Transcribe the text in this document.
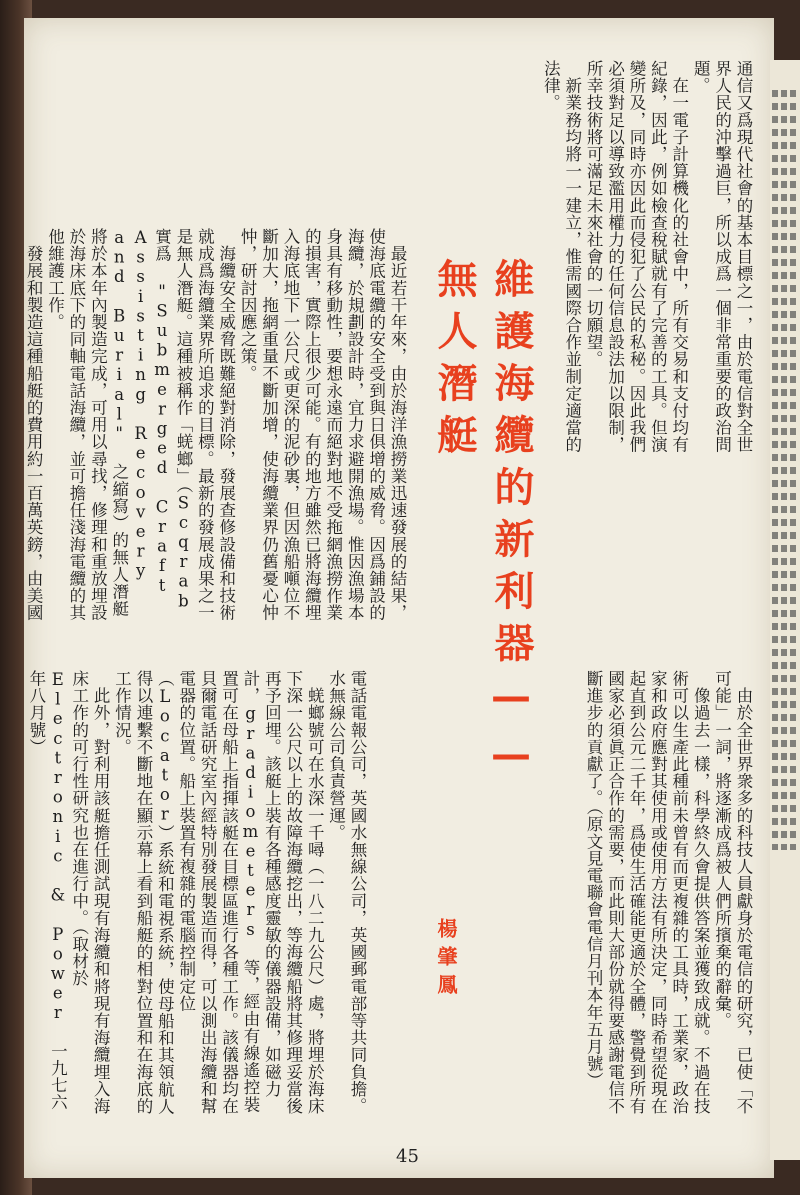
通信又爲現代社會的基本目標之一，由於電信對全世界人民的沖擊過巨，所以成爲一個非常重要的政治問題。
　在一電子計算機化的社會中，所有交易和支付均有紀錄，因此，例如檢查稅賦就有了完善的工具。但演變所及，同時亦因此而侵犯了公民的私秘。因此我們必須對足以導致濫用權力的任何信息設法加以限制，所幸技術將可滿足未來社會的一切願望。
　新業務均將一一建立，惟需國際合作並制定適當的法律。

　由於全世界衆多的科技人員獻身於電信的研究，已使「不可能」一詞，將逐漸成爲被人們所擯棄的辭彙。
　像過去一樣，科學終久會提供答案並獲致成就。不過在技術可以生產此種前未曾有而更複雜的工具時，工業家，政治家和政府應對其使用或使用方法有所決定，同時希望從現在起直到公元二千年，爲使生活確能更適於全體，警覺到所有國家必須眞正合作的需要，而此則大部份就得要感謝電信不斷進步的貢獻了。（原文見電聯會電信月刊本年五月號）

維護海纜的新利器——無人潛艇
楊肇鳳

　最近若干年來，由於海洋漁撈業迅速發展的結果，使海底電纜的安全受到與日俱增的威脅。因爲鋪設的海纜，於規劃設計時，宜力求避開漁場。惟因漁場本身具有移動性，要想永遠而絕對地不受拖網漁撈作業的損害，實際上很少可能。有的地方雖然已將海纜埋入海底地下一公尺或更深的泥砂裏，但因漁船噸位不斷加大，拖網重量不斷加增，使海纜業界仍舊憂心忡忡，研討因應之策。
　海纜安全威脅既難絕對消除，發展查修設備和技術就成爲海纜業界所追求的目標。最新的發展成果之一是無人潛艇。這種被稱作「蜣螂」（Scqrab 實爲 "Submerged Craft Assisting Recovery and Burial" 之縮寫）的無人潛艇將於本年內製造完成，可用以尋找，修理和重放埋設於海床底下的同軸電話海纜，並可擔任淺海電纜的其他維護工作。
　發展和製造這種船艇的費用約一百萬英鎊，由美國

電話電報公司，英國水無線公司，英國郵電部等共同負擔。水無線公司負責營運。
　蜣螂號可在水深一千噚（一八二九公尺）處，將埋於海床下深一公尺以上的故障海纜挖出，等海纜船將其修理妥當後再予回埋。該艇上裝有各種感度靈敏的儀器設備，如磁力計，gradiometers 等，經由有線遙控裝置可在母船上指揮該艇在目標區進行各種工作。該儀器均在貝爾電話研究室內經特別發展製造而得，可以測出海纜和幫電器的位置。船上裝置有複雜的電腦控制定位（Locator）系統和電視系統，使母船和其領航人得以連繫不斷地在顯示幕上看到船艇的相對位置和在海底的工作情況。
　此外，對利用該艇擔任測試現有海纜和將現有海纜埋入海床工作的可行性研究也在進行中。（取材於 Electronic & Power 一九七六年八月號）

45
